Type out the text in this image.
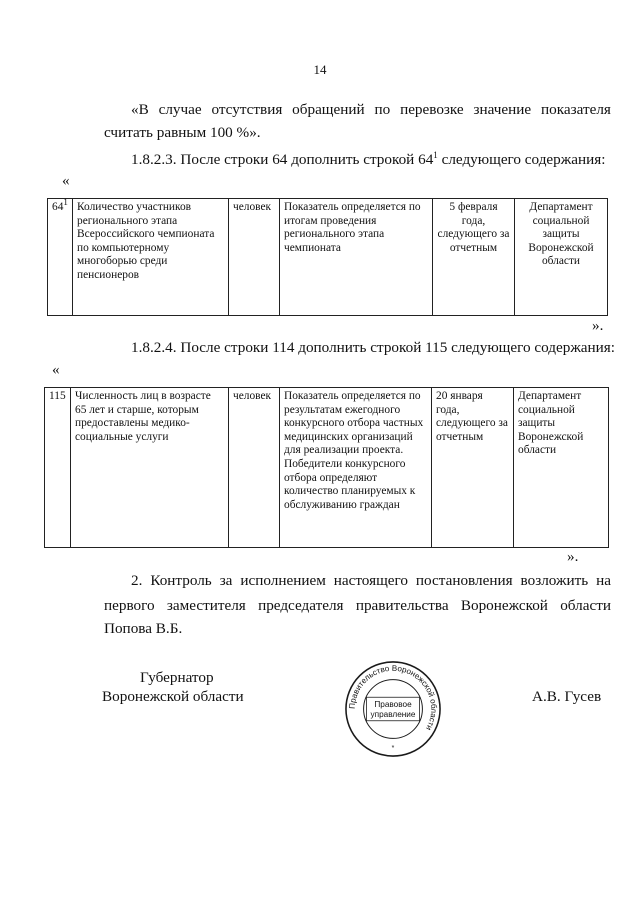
14
«В случае отсутствия обращений по перевозке значение показателя
считать равным 100 %».
1.8.2.3. После строки 64 дополнить строкой $64^1$ следующего содержания:
«
$64^1$	Количество участников регионального этапа Всероссийского чемпионата по компьютерному многоборью среди пенсионеров	человек	Показатель определяется по итогам проведения регионального этапа чемпионата	5 февраля года, следующего за отчетным	Департамент социальной защиты Воронежской области
».
1.8.2.4. После строки 114 дополнить строкой 115 следующего содержания:
«
115	Численность лиц в возрасте 65 лет и старше, которым предоставлены медико-социальные услуги	человек	Показатель определяется по результатам ежегодного конкурсного отбора частных медицинских организаций для реализации проекта. Победители конкурсного отбора определяют количество планируемых к обслуживанию граждан	20 января года, следующего за отчетным	Департамент социальной защиты Воронежской области
».
2. Контроль за исполнением настоящего постановления возложить на
первого заместителя председателя правительства Воронежской области
Попова В.Б.
Губернатор
Воронежской области	А.В. Гусев
Правительство Воронежской области
Правовое
управление
*
